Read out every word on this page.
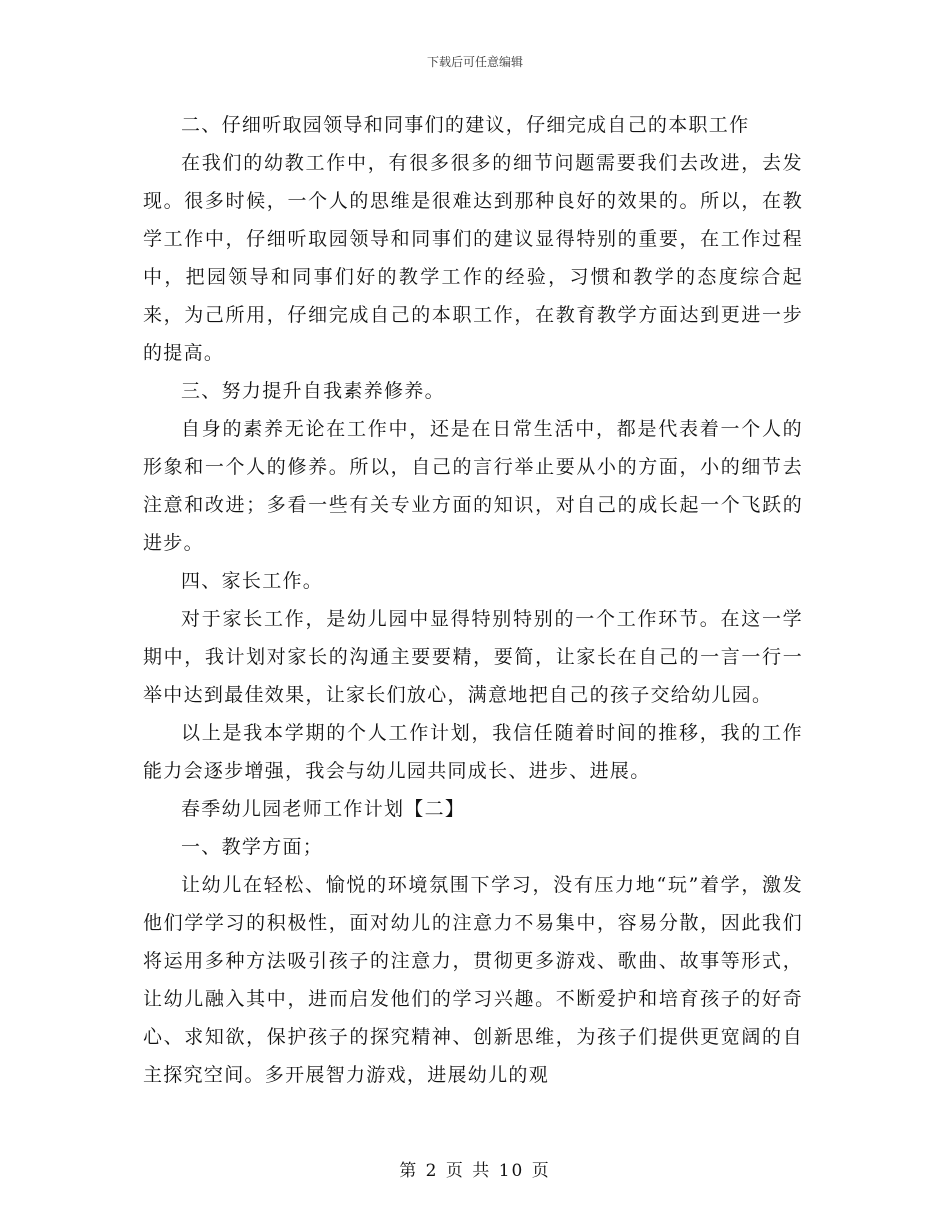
下载后可任意编辑

二、仔细听取园领导和同事们的建议，仔细完成自己的本职工作

在我们的幼教工作中，有很多很多的细节问题需要我们去改进，去发现。很多时候，一个人的思维是很难达到那种良好的效果的。所以，在教学工作中，仔细听取园领导和同事们的建议显得特别的重要，在工作过程中，把园领导和同事们好的教学工作的经验，习惯和教学的态度综合起来，为己所用，仔细完成自己的本职工作，在教育教学方面达到更进一步的提高。

三、努力提升自我素养修养。

自身的素养无论在工作中，还是在日常生活中，都是代表着一个人的形象和一个人的修养。所以，自己的言行举止要从小的方面，小的细节去注意和改进；多看一些有关专业方面的知识，对自己的成长起一个飞跃的进步。

四、家长工作。

对于家长工作，是幼儿园中显得特别特别的一个工作环节。在这一学期中，我计划对家长的沟通主要要精，要简，让家长在自己的一言一行一举中达到最佳效果，让家长们放心，满意地把自己的孩子交给幼儿园。

以上是我本学期的个人工作计划，我信任随着时间的推移，我的工作能力会逐步增强，我会与幼儿园共同成长、进步、进展。

春季幼儿园老师工作计划【二】

一、教学方面；

让幼儿在轻松、愉悦的环境氛围下学习，没有压力地“玩”着学，激发他们学学习的积极性，面对幼儿的注意力不易集中，容易分散，因此我们将运用多种方法吸引孩子的注意力，贯彻更多游戏、歌曲、故事等形式，让幼儿融入其中，进而启发他们的学习兴趣。不断爱护和培育孩子的好奇心、求知欲，保护孩子的探究精神、创新思维，为孩子们提供更宽阔的自主探究空间。多开展智力游戏，进展幼儿的观

第 2 页 共 10 页
